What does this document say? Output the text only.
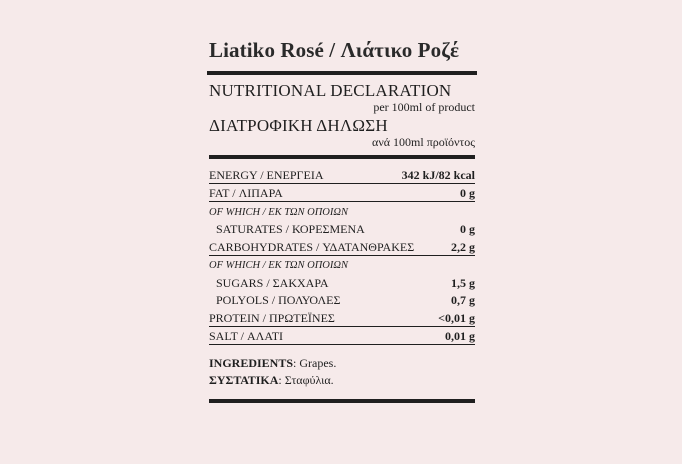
Liatiko Rosé / Λιάτικο Ροζέ
NUTRITIONAL DECLARATION
per 100ml of product
ΔΙΑΤΡΟΦΙΚΗ ΔΗΛΩΣΗ
ανά 100ml προϊόντος
ENERGY / ΕΝΕΡΓΕΙΑ	342 kJ/82 kcal
FAT / ΛΙΠΑΡΑ	0 g
OF WHICH / ΕΚ ΤΩΝ ΟΠΟΙΩΝ
SATURATES / ΚΟΡΕΣΜΕΝΑ	0 g
CARBOHYDRATES / ΥΔΑΤΑΝΘΡΑΚΕΣ	2,2 g
OF WHICH / ΕΚ ΤΩΝ ΟΠΟΙΩΝ
SUGARS / ΣΑΚΧΑΡΑ	1,5 g
POLYOLS / ΠΟΛΥΟΛΕΣ	0,7 g
PROTEIN / ΠΡΩΤΕΪΝΕΣ	<0,01 g
SALT / ΑΛΑΤΙ	0,01 g
INGREDIENTS: Grapes.
ΣΥΣΤΑΤΙΚΑ: Σταφύλια.
